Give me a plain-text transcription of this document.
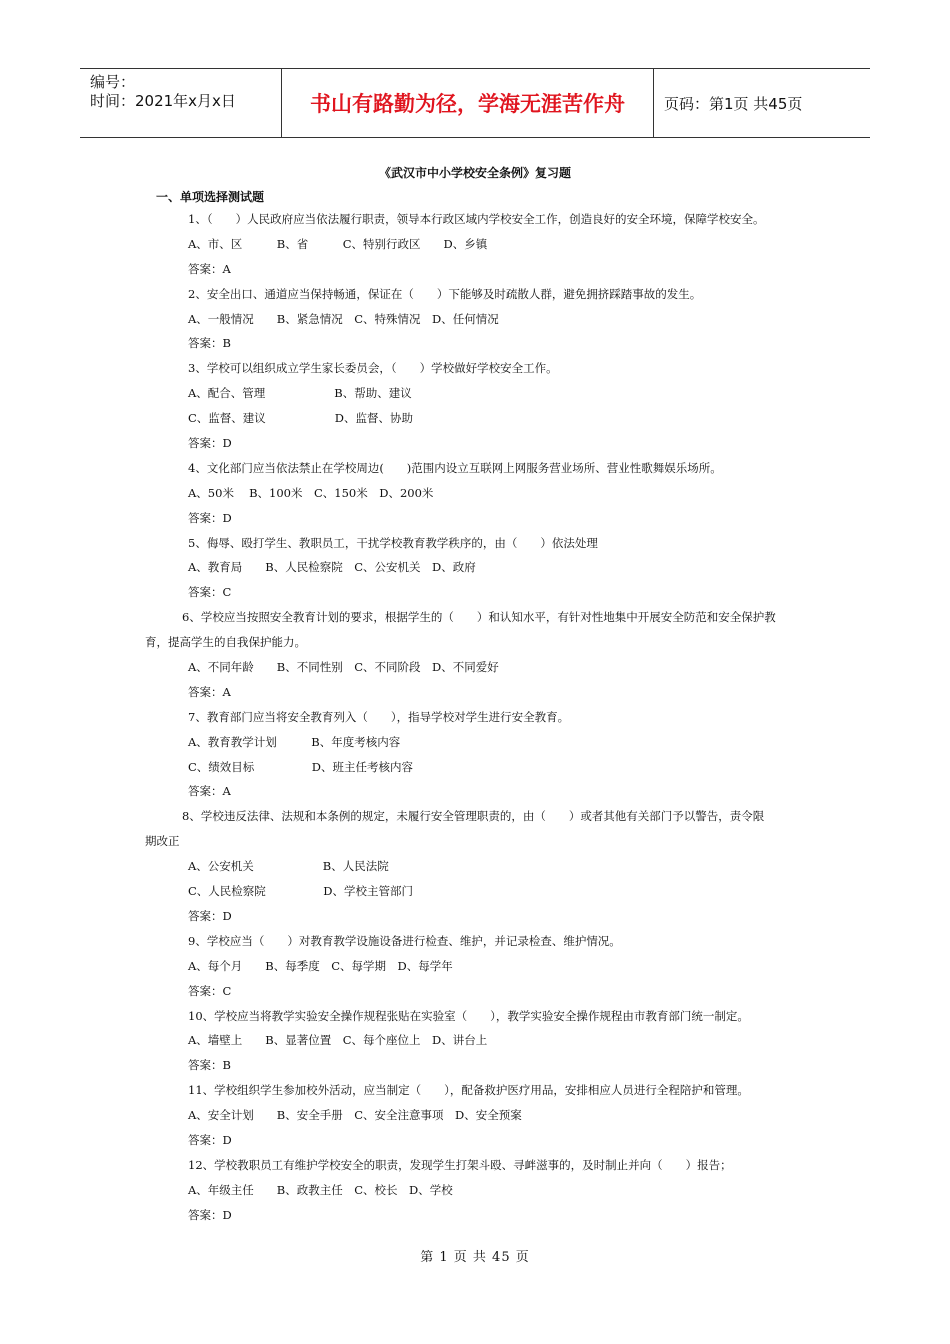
编号：
时间：2021年x月x日	书山有路勤为径，学海无涯苦作舟	页码：第1页 共45页
《武汉市中小学校安全条例》复习题
一、单项选择测试题
1、（　　）人民政府应当依法履行职责，领导本行政区域内学校安全工作，创造良好的安全环境，保障学校安全。
A、市、区　　　B、省　　　C、特别行政区　　D、乡镇
答案：A
2、安全出口、通道应当保持畅通，保证在（　　）下能够及时疏散人群，避免拥挤踩踏事故的发生。
A、一般情况　　B、紧急情况　C、特殊情况　D、任何情况
答案：B
3、学校可以组织成立学生家长委员会，（　　）学校做好学校安全工作。
A、配合、管理　　　　　　B、帮助、建议
C、监督、建议　　　　　　D、监督、协助
答案：D
4、文化部门应当依法禁止在学校周边(　　)范围内设立互联网上网服务营业场所、营业性歌舞娱乐场所。
A、50米　 B、100米　C、150米　D、200米
答案：D
5、侮辱、殴打学生、教职员工，干扰学校教育教学秩序的，由（　　）依法处理
A、教育局　　B、人民检察院　C、公安机关　D、政府
答案：C
6、学校应当按照安全教育计划的要求，根据学生的（　　）和认知水平，有针对性地集中开展安全防范和安全保护教
育，提高学生的自我保护能力。
A、不同年龄　　B、不同性别　C、不同阶段　D、不同爱好
答案：A
7、教育部门应当将安全教育列入（　　），指导学校对学生进行安全教育。
A、教育教学计划　　　B、年度考核内容
C、绩效目标　　　　　D、班主任考核内容
答案：A
8、学校违反法律、法规和本条例的规定，未履行安全管理职责的，由（　　）或者其他有关部门予以警告，责令限
期改正
A、公安机关　　　　　　B、人民法院
C、人民检察院　　　　　D、学校主管部门
答案：D
9、学校应当（　　）对教育教学设施设备进行检查、维护，并记录检查、维护情况。
A、每个月　　B、每季度　C、每学期　D、每学年
答案：C
10、学校应当将教学实验安全操作规程张贴在实验室（　　），教学实验安全操作规程由市教育部门统一制定。
A、墙壁上　　B、显著位置　C、每个座位上　D、讲台上
答案：B
11、学校组织学生参加校外活动，应当制定（　　），配备救护医疗用品，安排相应人员进行全程陪护和管理。
A、安全计划　　B、安全手册　C、安全注意事项　D、安全预案
答案：D
12、学校教职员工有维护学校安全的职责，发现学生打架斗殴、寻衅滋事的，及时制止并向（　　）报告；
A、年级主任　　B、政教主任　C、校长　D、学校
答案：D
第 1 页 共 45 页
